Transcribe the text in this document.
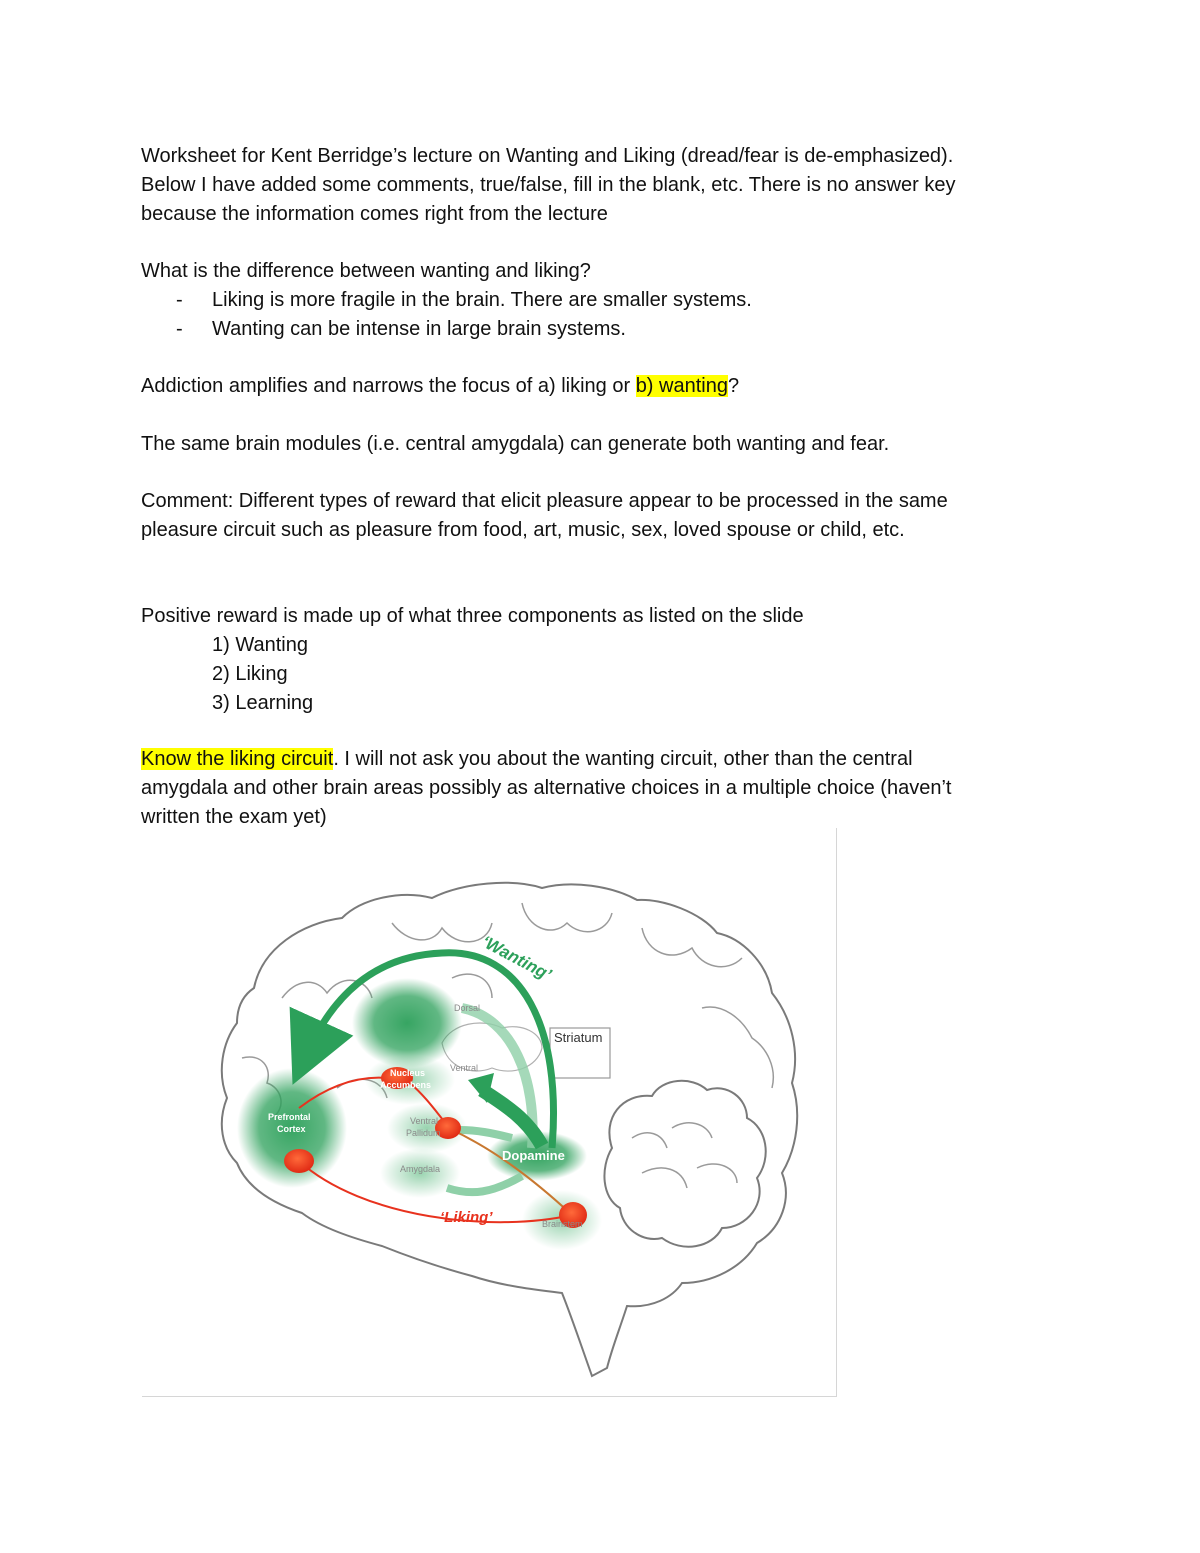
Worksheet for Kent Berridge’s lecture on Wanting and Liking (dread/fear is de-emphasized).
Below I have added some comments, true/false, fill in the blank, etc. There is no answer key
because the information comes right from the lecture
What is the difference between wanting and liking?
- Liking is more fragile in the brain. There are smaller systems.
- Wanting can be intense in large brain systems.
Addiction amplifies and narrows the focus of a) liking or b) wanting?
The same brain modules (i.e. central amygdala) can generate both wanting and fear.
Comment: Different types of reward that elicit pleasure appear to be processed in the same
pleasure circuit such as pleasure from food, art, music, sex, loved spouse or child, etc.
Positive reward is made up of what three components as listed on the slide
1) Wanting
2) Liking
3) Learning
Know the liking circuit. I will not ask you about the wanting circuit, other than the central
amygdala and other brain areas possibly as alternative choices in a multiple choice (haven’t
written the exam yet)
‘Wanting’
‘Liking’
Striatum
Dorsal
Ventral
Nucleus
Accumbens
Prefrontal
Cortex
Ventral
Pallidum
Amygdala
Dopamine
Brainstem
